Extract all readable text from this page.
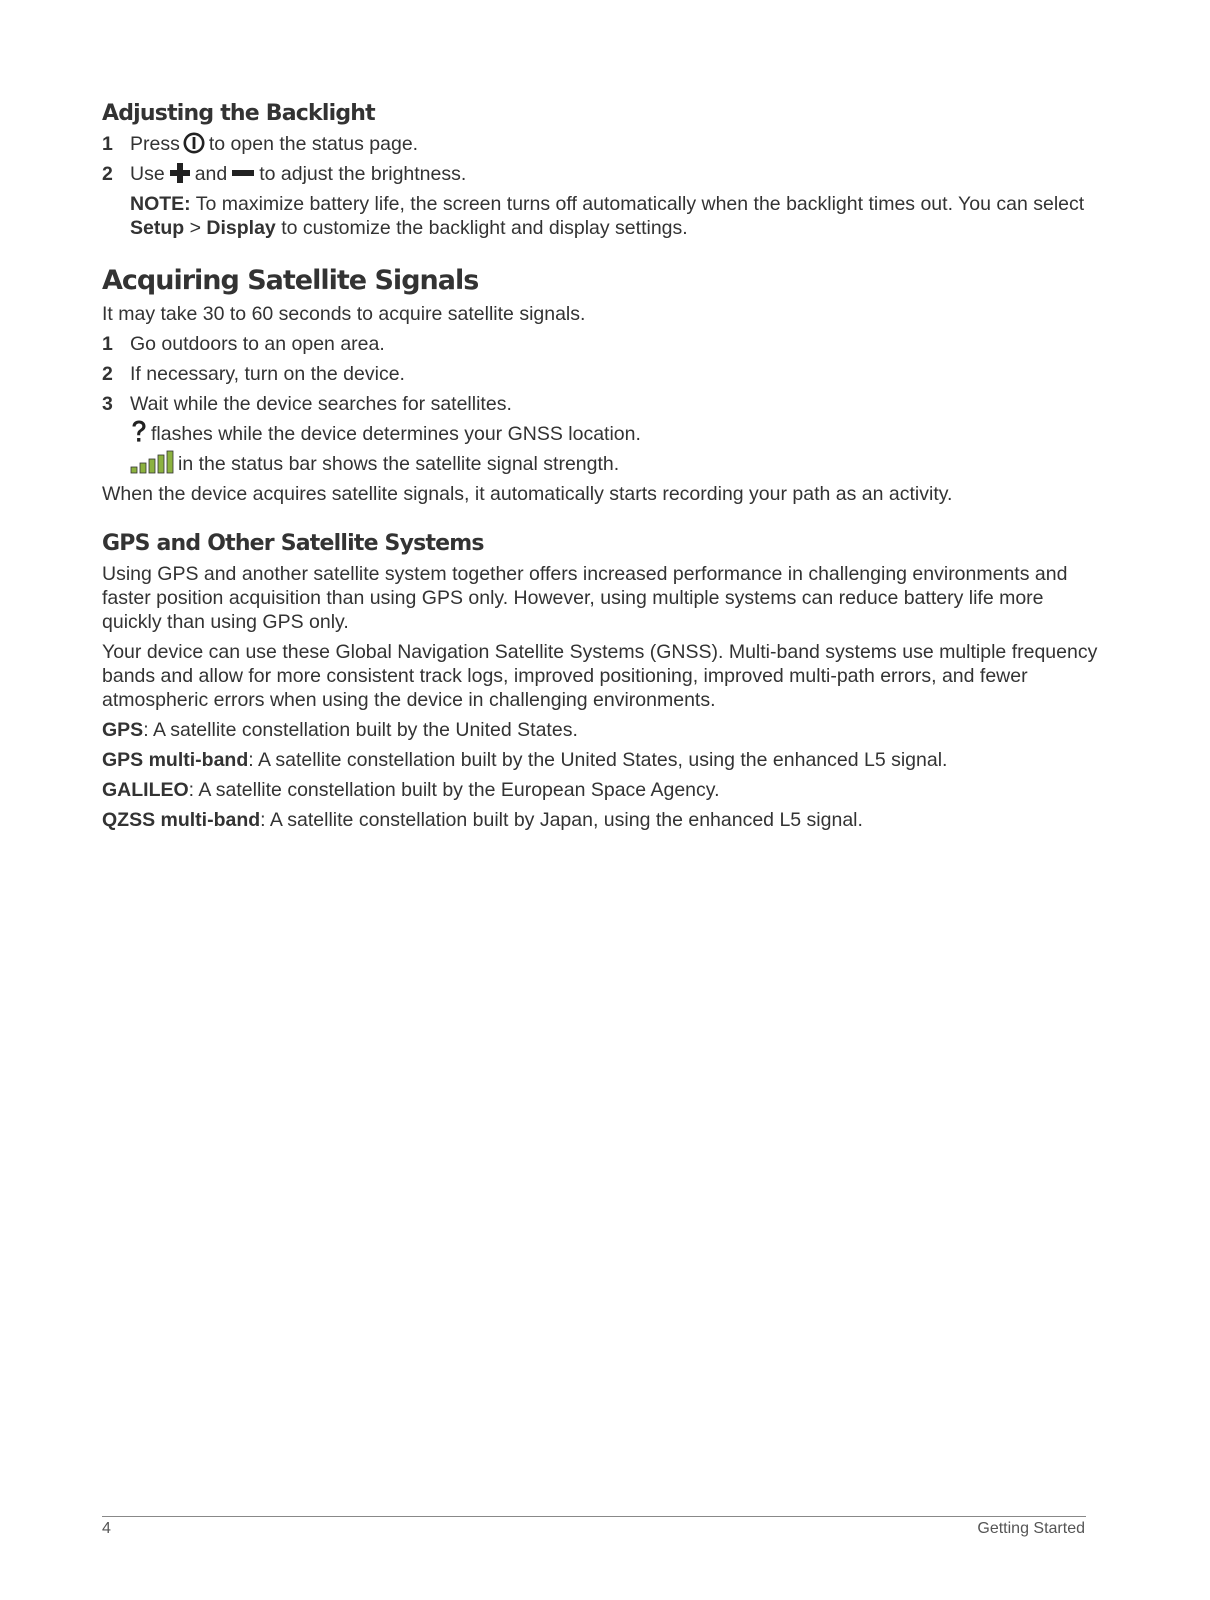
Adjusting the Backlight
1 Press to open the status page.
2 Use and to adjust the brightness.

NOTE: To maximize battery life, the screen turns off automatically when the backlight times out. You can select Setup > Display to customize the backlight and display settings.

Acquiring Satellite Signals

It may take 30 to 60 seconds to acquire satellite signals.

1 Go outdoors to an open area.
2 If necessary, turn on the device.
3 Wait while the device searches for satellites.

flashes while the device determines your GNSS location.

in the status bar shows the satellite signal strength.

When the device acquires satellite signals, it automatically starts recording your path as an activity.

GPS and Other Satellite Systems

Using GPS and another satellite system together offers increased performance in challenging environments and faster position acquisition than using GPS only. However, using multiple systems can reduce battery life more quickly than using GPS only.

Your device can use these Global Navigation Satellite Systems (GNSS). Multi-band systems use multiple frequency bands and allow for more consistent track logs, improved positioning, improved multi-path errors, and fewer atmospheric errors when using the device in challenging environments.

GPS: A satellite constellation built by the United States.

GPS multi-band: A satellite constellation built by the United States, using the enhanced L5 signal.

GALILEO: A satellite constellation built by the European Space Agency.

QZSS multi-band: A satellite constellation built by Japan, using the enhanced L5 signal.

4	Getting Started
